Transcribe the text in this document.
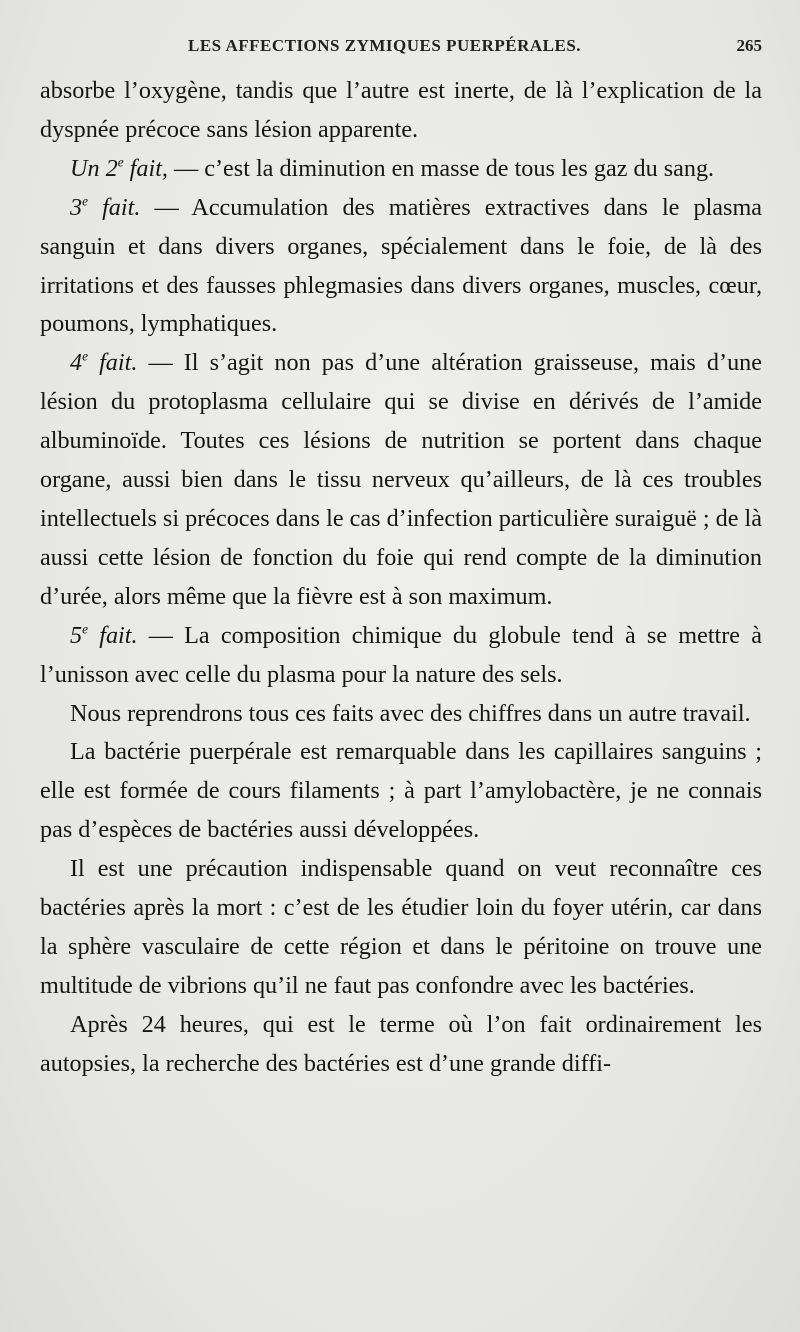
LES AFFECTIONS ZYMIQUES PUERPÉRALES.	265

absorbe l’oxygène, tandis que l’autre est inerte, de là l’explication de la dyspnée précoce sans lésion apparente.

Un 2e fait, — c’est la diminution en masse de tous les gaz du sang.

3e fait. — Accumulation des matières extractives dans le plasma sanguin et dans divers organes, spécialement dans le foie, de là des irritations et des fausses phlegmasies dans divers organes, muscles, cœur, poumons, lymphatiques.

4e fait. — Il s’agit non pas d’une altération graisseuse, mais d’une lésion du protoplasma cellulaire qui se divise en dérivés de l’amide albuminoïde. Toutes ces lésions de nutrition se portent dans chaque organe, aussi bien dans le tissu nerveux qu’ailleurs, de là ces troubles intellectuels si précoces dans le cas d’infection particulière suraiguë ; de là aussi cette lésion de fonction du foie qui rend compte de la diminution d’urée, alors même que la fièvre est à son maximum.

5e fait. — La composition chimique du globule tend à se mettre à l’unisson avec celle du plasma pour la nature des sels.

Nous reprendrons tous ces faits avec des chiffres dans un autre travail.

La bactérie puerpérale est remarquable dans les capillaires sanguins ; elle est formée de cours filaments ; à part l’amylobactère, je ne connais pas d’espèces de bactéries aussi développées.

Il est une précaution indispensable quand on veut reconnaître ces bactéries après la mort : c’est de les étudier loin du foyer utérin, car dans la sphère vasculaire de cette région et dans le péritoine on trouve une multitude de vibrions qu’il ne faut pas confondre avec les bactéries.

Après 24 heures, qui est le terme où l’on fait ordinairement les autopsies, la recherche des bactéries est d’une grande diffi-
